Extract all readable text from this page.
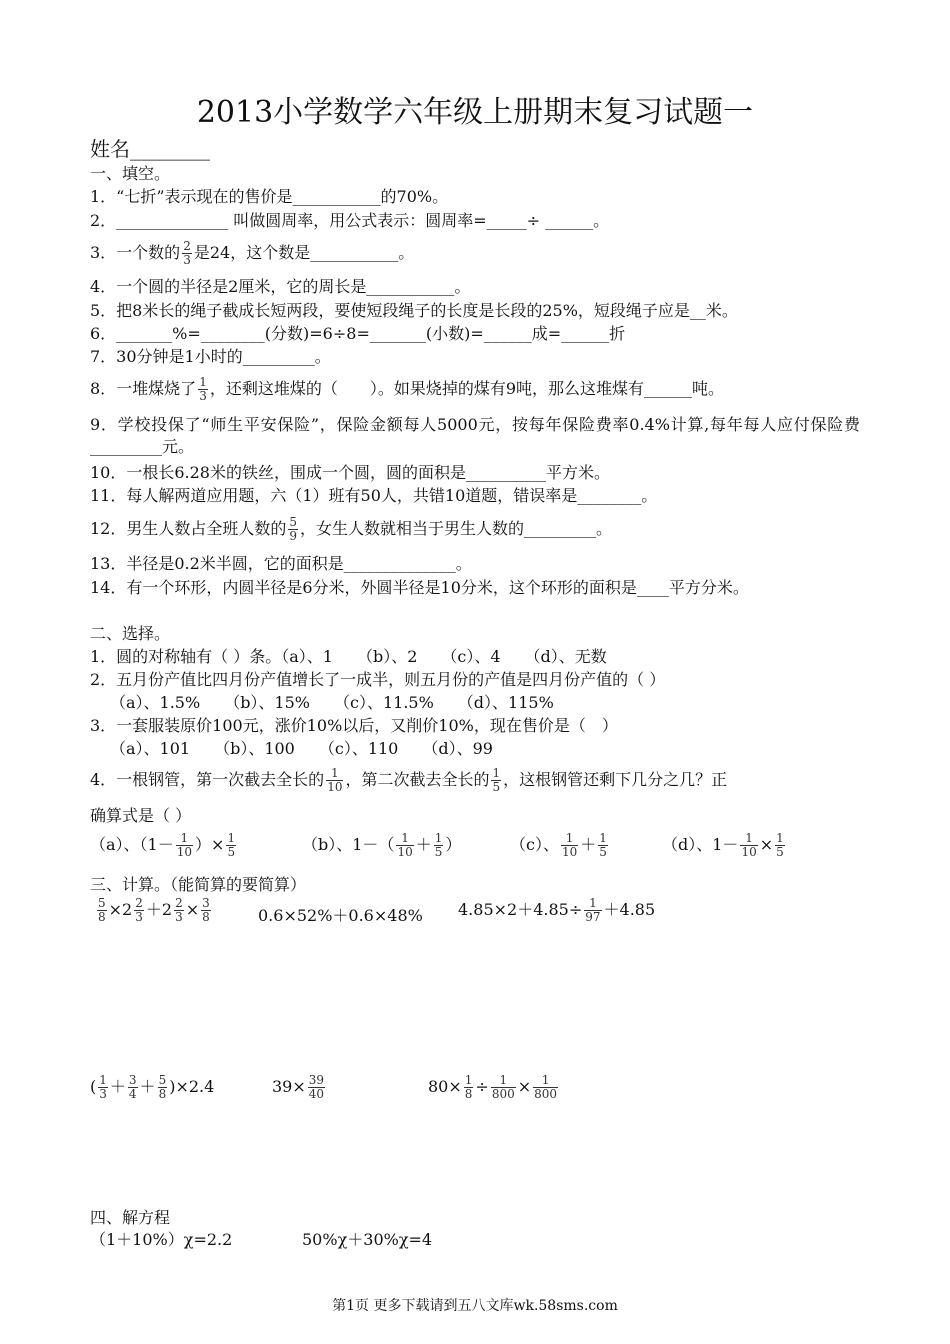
2013小学数学六年级上册期末复习试题一
姓名________
一、填空。
1．“七折”表示现在的售价是___________的70%。
2．______________ 叫做圆周率，用公式表示：圆周率=_____÷ ______。
3．一个数的 $\frac{2}{3}$ 是24，这个数是___________。
4．一个圆的半径是2厘米，它的周长是___________。
5．把8米长的绳子截成长短两段，要使短段绳子的长度是长段的25%，短段绳子应是__米。
6．_______%=________(分数)=6÷8=_______(小数)=______成=______折
7．30分钟是1小时的_________。
8．一堆煤烧了 $\frac{1}{3}$ ，还剩这堆煤的（　　）。如果烧掉的煤有9吨，那么这堆煤有______吨。
9．学校投保了“师生平安保险”，保险金额每人5000元，按每年保险费率0.4%计算,每年每人应付保险费_________元。
10．一根长6.28米的铁丝，围成一个圆，圆的面积是__________平方米。
11．每人解两道应用题，六（1）班有50人，共错10道题，错误率是________。
12．男生人数占全班人数的 $\frac{5}{9}$ ，女生人数就相当于男生人数的_________。
13．半径是0.2米半圆，它的面积是______________。
14．有一个环形，内圆半径是6分米，外圆半径是10分米，这个环形的面积是____平方分米。
二、选择。
1．圆的对称轴有（ ）条。（a）、1　　（b）、2　　（c）、4　　（d）、无数
2．五月份产值比四月份产值增长了一成半，则五月份的产值是四月份产值的（ ）
（a）、1.5%　　（b）、15%　　（c）、11.5%　　（d）、115%
3．一套服装原价100元，涨价10%以后，又削价10%，现在售价是（　）
（a）、101　　（b）、100　　（c）、110　　（d）、99
4．一根钢管，第一次截去全长的 $\frac{1}{10}$ ，第二次截去全长的 $\frac{1}{5}$ ，这根钢管还剩下几分之几？正
确算式是（ ）
（a）、（$1- \frac{1}{10}$ ）× $\frac{1}{5}$	（b）、$1-( \frac{1}{10} + \frac{1}{5}$ ）	（c）、 $\frac{1}{10} + \frac{1}{5}$	（d）、$1- \frac{1}{10} \times \frac{1}{5}$
三、计算。（能简算的要简算）
$\frac{5}{8} \times 2 \frac{2}{3} +2 \frac{2}{3} \times \frac{3}{8}$	0.6×52%＋0.6×48% $4.85\times 2+4.85\div \frac{1}{97} +4.85$
( $\frac{1}{3} + \frac{3}{4} + \frac{5}{8} )\times 2.4$	$39\times \frac{39}{40}$	$80\times \frac{1}{8} \div \frac{1}{800} \times \frac{1}{800}$
四、解方程
（1＋10%）χ=2.2	50%χ＋30%χ=4
第1页 更多下载请到五八文库wk.58sms.com
